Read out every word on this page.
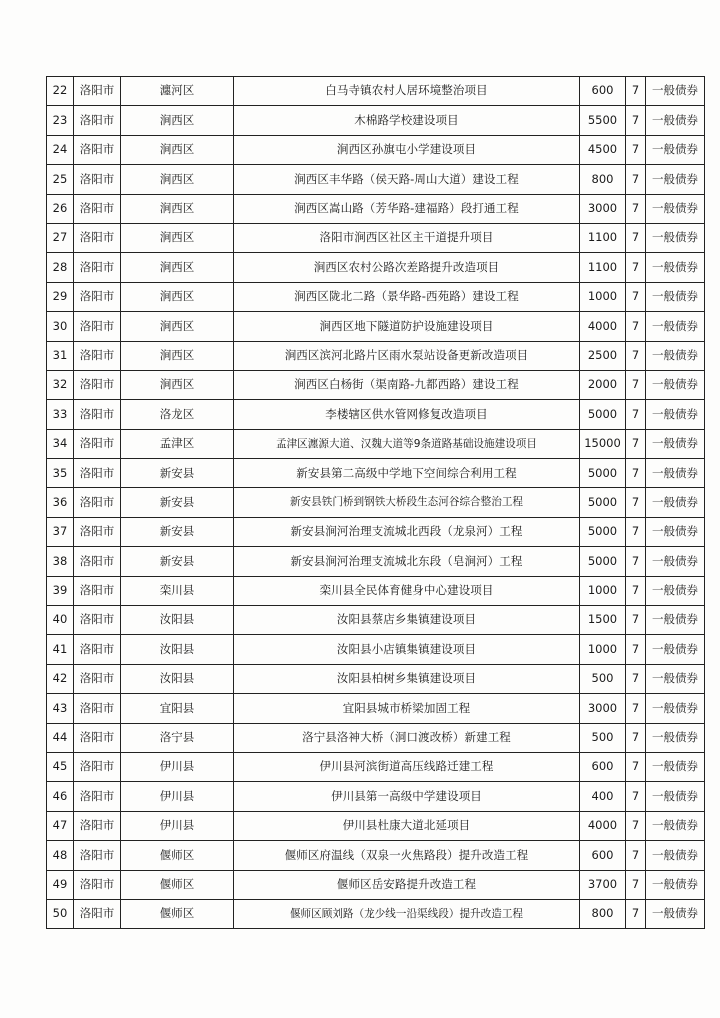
22	洛阳市	瀍河区	白马寺镇农村人居环境整治项目	600	7	一般债券
23	洛阳市	涧西区	木棉路学校建设项目	5500	7	一般债券
24	洛阳市	涧西区	涧西区孙旗屯小学建设项目	4500	7	一般债券
25	洛阳市	涧西区	涧西区丰华路（侯天路-周山大道）建设工程	800	7	一般债券
26	洛阳市	涧西区	涧西区嵩山路（芳华路-建福路）段打通工程	3000	7	一般债券
27	洛阳市	涧西区	洛阳市涧西区社区主干道提升项目	1100	7	一般债券
28	洛阳市	涧西区	涧西区农村公路次差路提升改造项目	1100	7	一般债券
29	洛阳市	涧西区	涧西区陇北二路（景华路-西苑路）建设工程	1000	7	一般债券
30	洛阳市	涧西区	涧西区地下隧道防护设施建设项目	4000	7	一般债券
31	洛阳市	涧西区	涧西区滨河北路片区雨水泵站设备更新改造项目	2500	7	一般债券
32	洛阳市	涧西区	涧西区白杨街（渠南路-九都西路）建设工程	2000	7	一般债券
33	洛阳市	洛龙区	李楼辖区供水管网修复改造项目	5000	7	一般债券
34	洛阳市	孟津区	孟津区瀍源大道、汉魏大道等9条道路基础设施建设项目	15000	7	一般债券
35	洛阳市	新安县	新安县第二高级中学地下空间综合利用工程	5000	7	一般债券
36	洛阳市	新安县	新安县铁门桥到钢铁大桥段生态河谷综合整治工程	5000	7	一般债券
37	洛阳市	新安县	新安县涧河治理支流城北西段（龙泉河）工程	5000	7	一般债券
38	洛阳市	新安县	新安县涧河治理支流城北东段（皂涧河）工程	5000	7	一般债券
39	洛阳市	栾川县	栾川县全民体育健身中心建设项目	1000	7	一般债券
40	洛阳市	汝阳县	汝阳县蔡店乡集镇建设项目	1500	7	一般债券
41	洛阳市	汝阳县	汝阳县小店镇集镇建设项目	1000	7	一般债券
42	洛阳市	汝阳县	汝阳县柏树乡集镇建设项目	500	7	一般债券
43	洛阳市	宜阳县	宜阳县城市桥梁加固工程	3000	7	一般债券
44	洛阳市	洛宁县	洛宁县洛神大桥（洞口渡改桥）新建工程	500	7	一般债券
45	洛阳市	伊川县	伊川县河滨街道高压线路迁建工程	600	7	一般债券
46	洛阳市	伊川县	伊川县第一高级中学建设项目	400	7	一般债券
47	洛阳市	伊川县	伊川县杜康大道北延项目	4000	7	一般债券
48	洛阳市	偃师区	偃师区府温线（双泉一火焦路段）提升改造工程	600	7	一般债券
49	洛阳市	偃师区	偃师区岳安路提升改造工程	3700	7	一般债券
50	洛阳市	偃师区	偃师区顾刘路（龙少线一沿渠线段）提升改造工程	800	7	一般债券
